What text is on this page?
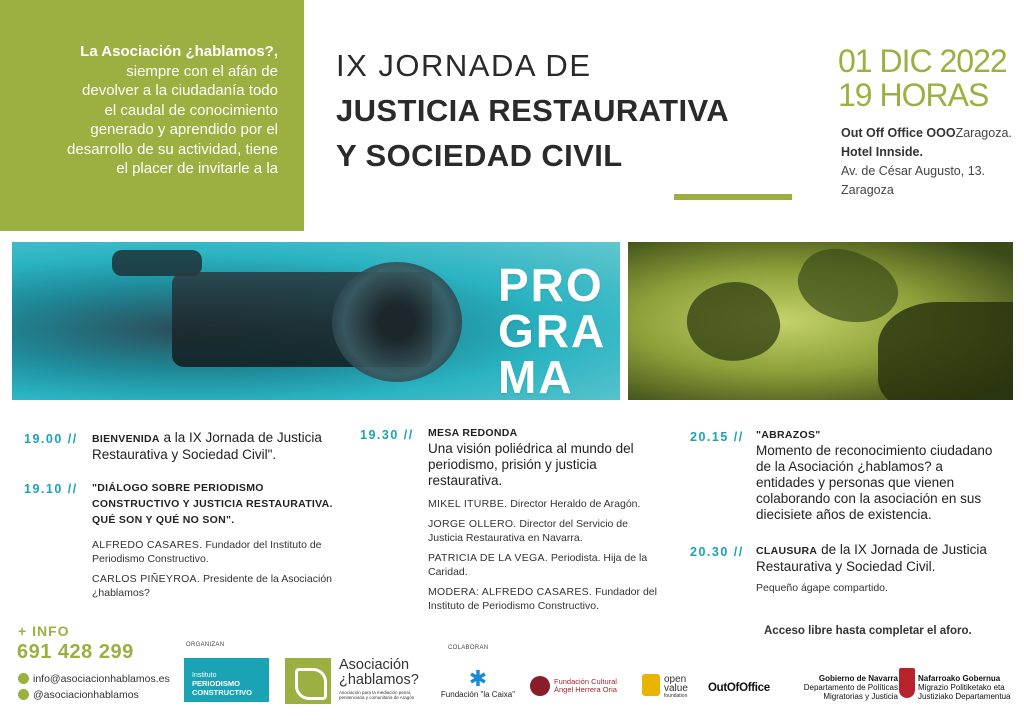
La Asociación ¿hablamos?,
siempre con el afán de
devolver a la ciudadanía todo
el caudal de conocimiento
generado y aprendido por el
desarrollo de su actividad, tiene
el placer de invitarle a la
IX JORNADA DE
JUSTICIA RESTAURATIVA
Y SOCIEDAD CIVIL
01 DIC 2022
19 HORAS
Out Off Office OOOZaragoza.
Hotel Innside.
Av. de César Augusto, 13.
Zaragoza
PRO
GRA
MA
19.00 // BIENVENIDA a la IX Jornada de Justicia Restaurativa y Sociedad Civil".
19.10 // "DIÁLOGO SOBRE PERIODISMO CONSTRUCTIVO Y JUSTICIA RESTAURATIVA. QUÉ SON Y QUÉ NO SON".
ALFREDO CASARES. Fundador del Instituto de Periodismo Constructivo.
CARLOS PIÑEYROA. Presidente de la Asociación ¿hablamos?
19.30 // MESA REDONDA
Una visión poliédrica al mundo del periodismo, prisión y justicia restaurativa.
MIKEL ITURBE. Director Heraldo de Aragón.
JORGE OLLERO. Director del Servicio de Justicia Restaurativa en Navarra.
PATRICIA DE LA VEGA. Periodista. Hija de la Caridad.
MODERA: ALFREDO CASARES. Fundador del Instituto de Periodismo Constructivo.
20.15 // "ABRAZOS"
Momento de reconocimiento ciudadano de la Asociación ¿hablamos? a entidades y personas que vienen colaborando con la asociación en sus diecisiete años de existencia.
20.30 // CLAUSURA de la IX Jornada de Justicia Restaurativa y Sociedad Civil.
Pequeño ágape compartido.
Acceso libre hasta completar el aforo.
+ INFO
691 428 299
info@asociacionhablamos.es
@asociacionhablamos
ORGANIZAN
Instituto
PERIODISMO
CONSTRUCTIVO
Asociación
¿hablamos?
Asociación para la mediación penal, penitenciaria y comunitaria de Aragón
COLABORAN
✱
Fundación "la Caixa"
Fundación Cultural
Ángel Herrera Oria
open
value
foundation
OutOfOffice
Gobierno de Navarra
Departamento de Políticas
Migratorias y Justicia
Nafarroako Gobernua
Migrazio Politiketako eta
Justiziako Departamentua
